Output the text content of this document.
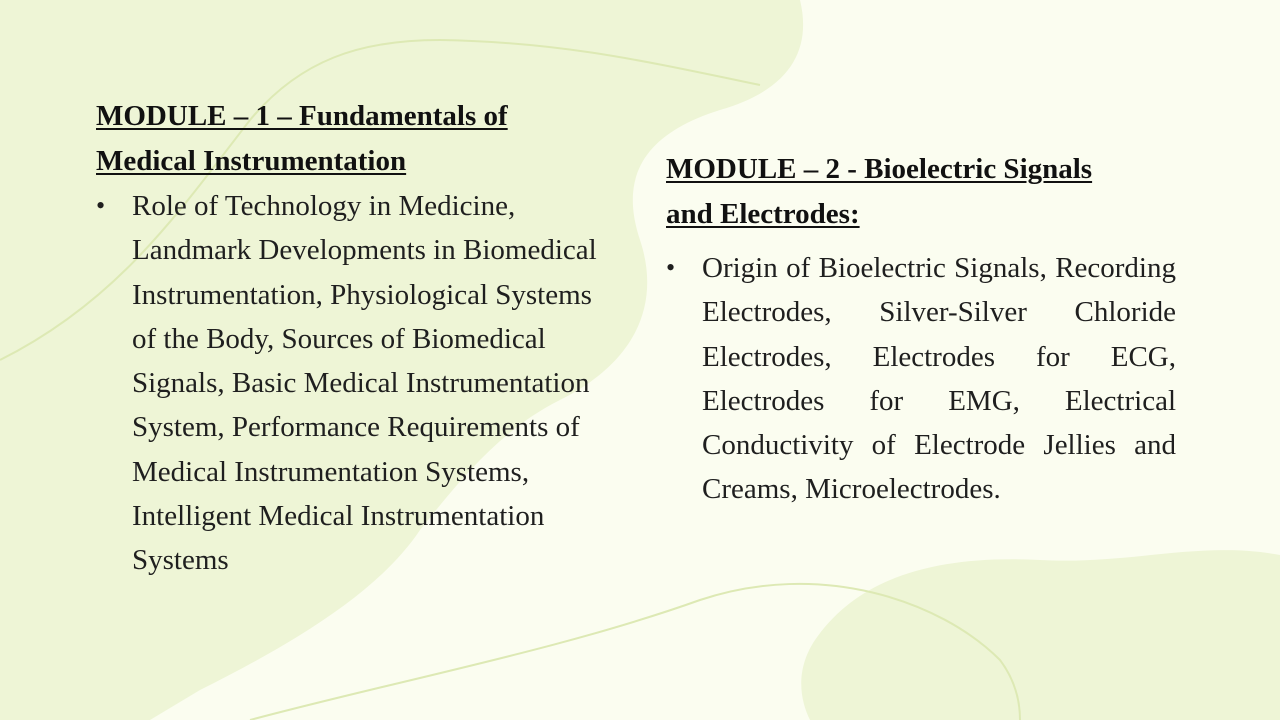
MODULE – 1 – Fundamentals of
Medical Instrumentation
• Role of Technology in Medicine, Landmark Developments in Biomedical Instrumentation, Physiological Systems of the Body, Sources of Biomedical Signals, Basic Medical Instrumentation System, Performance Requirements of Medical Instrumentation Systems, Intelligent Medical Instrumentation Systems
MODULE – 2 - Bioelectric Signals
and Electrodes:
• Origin of Bioelectric Signals, Recording Electrodes, Silver-Silver Chloride Electrodes, Electrodes for ECG, Electrodes for EMG, Electrical Conductivity of Electrode Jellies and Creams, Microelectrodes.
